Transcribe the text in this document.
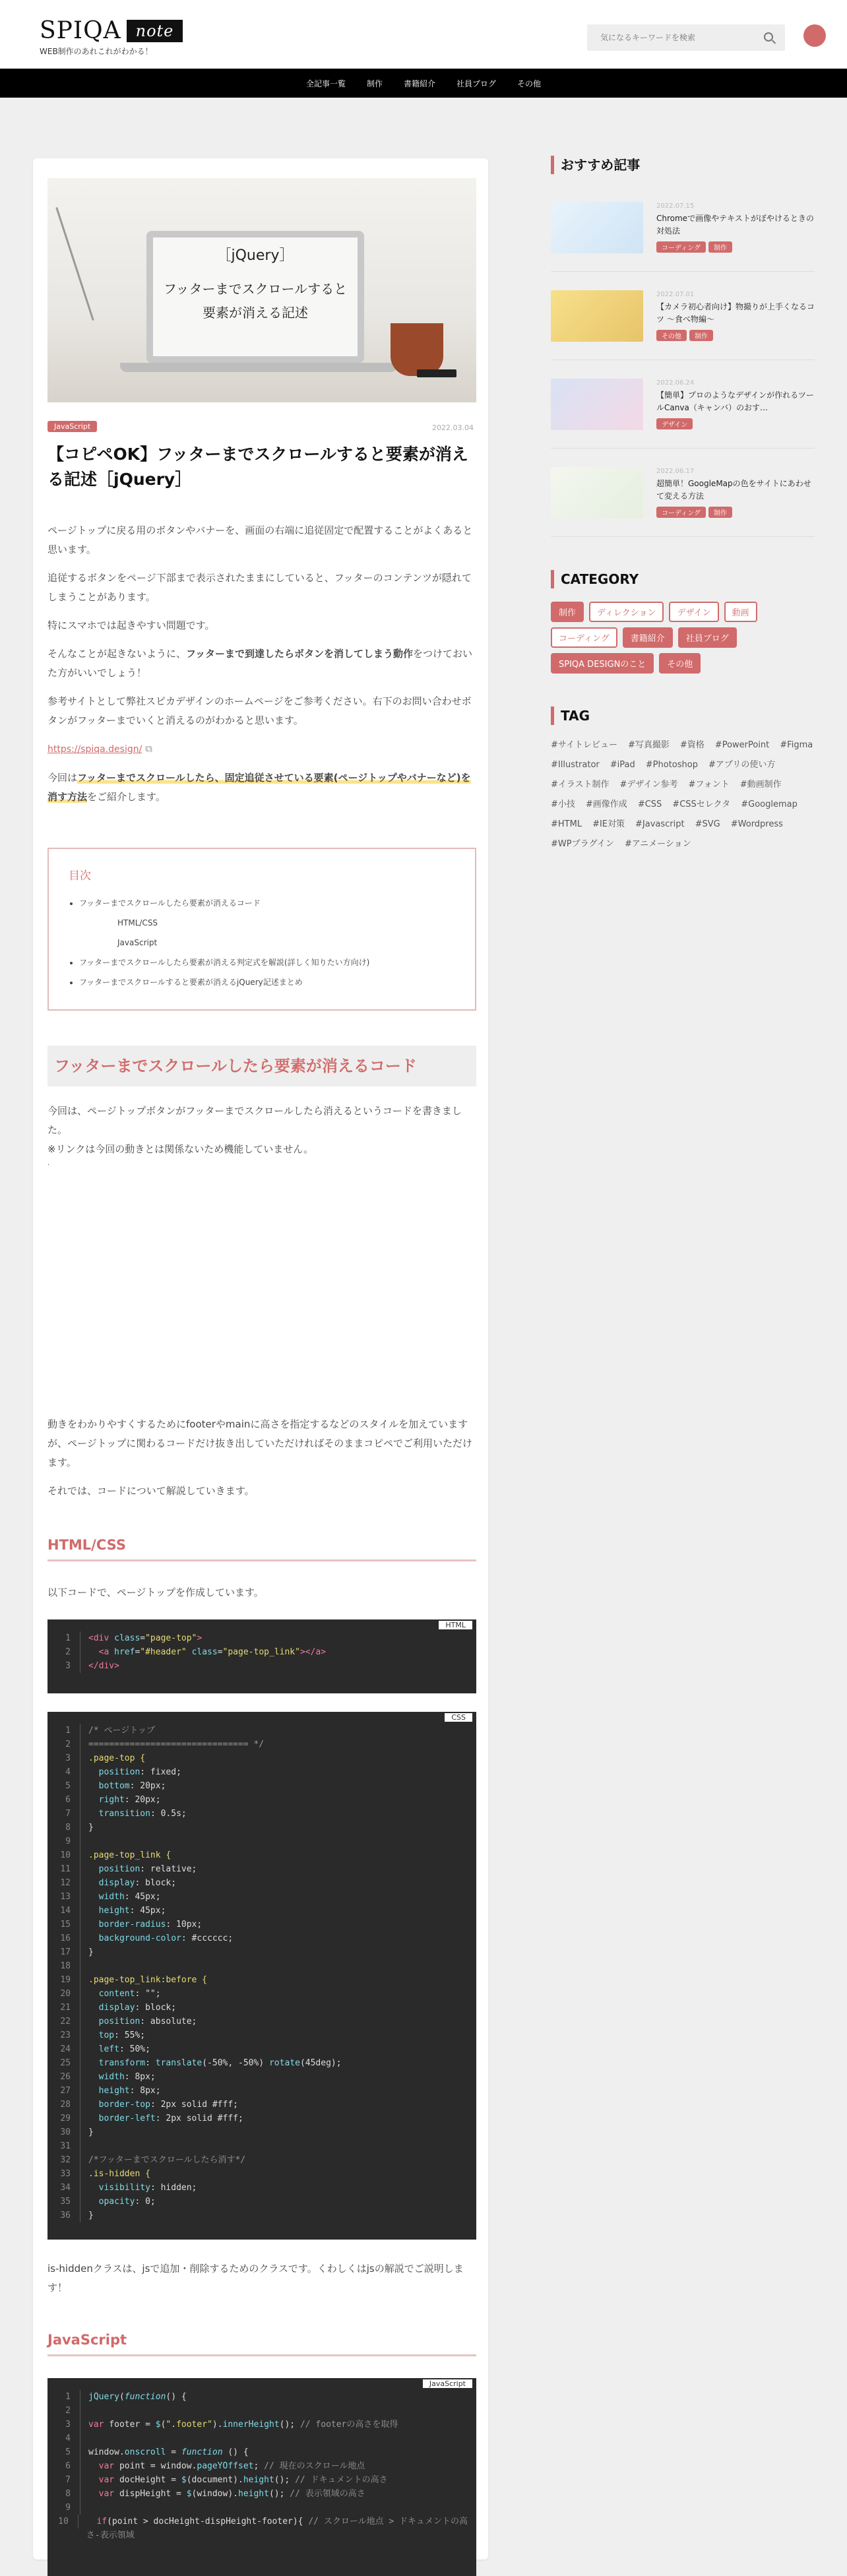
SPIQA note
WEB制作のあれこれがわかる！
気になるキーワードを検索
全記事一覧	制作	書籍紹介	社員ブログ	その他
［jQuery］
フッターまでスクロールすると
要素が消える記述
JavaScript	2022.03.04
【コピペOK】フッターまでスクロールすると要素が消える記述［jQuery］

ページトップに戻る用のボタンやバナーを、画面の右端に追従固定で配置することがよくあると思います。

追従するボタンをページ下部まで表示されたままにしていると、フッターのコンテンツが隠れてしまうことがあります。

特にスマホでは起きやすい問題です。

そんなことが起きないように、フッターまで到達したらボタンを消してしまう動作をつけておいた方がいいでしょう！

参考サイトとして弊社スピカデザインのホームページをご参考ください。右下のお問い合わせボタンがフッターまでいくと消えるのがわかると思います。

https://spiqa.design/ ⧉

今回はフッターまでスクロールしたら、固定追従させている要素(ページトップやバナーなど)を消す方法をご紹介します。

目次
• フッターまでスクロールしたら要素が消えるコード
HTML/CSS
JavaScript
• フッターまでスクロールしたら要素が消える判定式を解説(詳しく知りたい方向け)
• フッターまでスクロールすると要素が消えるjQuery記述まとめ
フッターまでスクロールしたら要素が消えるコード

今回は、ページトップボタンがフッターまでスクロールしたら消えるというコードを書きました。

※リンクは今回の動きとは関係ないため機能していません。

.

動きをわかりやすくするためにfooterやmainに高さを指定するなどのスタイルを加えていますが、ページトップに関わるコードだけ抜き出していただければそのままコピペでご利用いただけます。

それでは、コードについて解説していきます。

HTML/CSS

以下コードで、ページトップを作成しています。

HTML
1	<div class="page-top">
2	<a href="#header" class="page-top_link"></a>
3	</div>
CSS
1	/* ページトップ
2	=============================== */
3	.page-top {
4	position: fixed;
5	bottom: 20px;
6	right: 20px;
7	transition: 0.5s;
8	}
9
10	.page-top_link {
11	position: relative;
12	display: block;
13	width: 45px;
14	height: 45px;
15	border-radius: 10px;
16	background-color: #cccccc;
17	}
18
19	.page-top_link:before {
20	content: "";
21	display: block;
22	position: absolute;
23	top: 55%;
24	left: 50%;
25	transform: translate(-50%, -50%) rotate(45deg);
26	width: 8px;
27	height: 8px;
28	border-top: 2px solid #fff;
29	border-left: 2px solid #fff;
30	}
31
32	/*フッターまでスクロールしたら消す*/
33	.is-hidden {
34	visibility: hidden;
35	opacity: 0;
36	}

is-hiddenクラスは、jsで追加・削除するためのクラスです。くわしくはjsの解説でご説明します！

JavaScript
JavaScript
1	jQuery(function() {
2
3	var footer = $(".footer").innerHeight(); // footerの高さを取得
4
5	window.onscroll = function () {
6	var point = window.pageYOffset; // 現在のスクロール地点
7	var docHeight = $(document).height(); // ドキュメントの高さ
8	var dispHeight = $(window).height(); // 表示領域の高さ
9
10	if(point > docHeight-dispHeight-footer){ // スクロール地点 > ドキュメントの高さ-表示領域
おすすめ記事
2022.07.15
Chromeで画像やテキストがぼやけるときの対処法
コーディング 制作
2022.07.01
【カメラ初心者向け】物撮りが上手くなるコツ 〜食べ物編〜
その他 制作
2022.06.24
【簡単】プロのようなデザインが作れるツールCanva（キャンバ）のおす…
デザイン
2022.06.17
超簡単！GoogleMapの色をサイトにあわせて変える方法
コーディング 制作
CATEGORY
制作	ディレクション	デザイン	動画
コーディング	書籍紹介	社員ブログ
SPIQA DESIGNのこと	その他
TAG
#サイトレビュー #写真撮影 #資格 #PowerPoint #Figma
#Illustrator #iPad #Photoshop #アプリの使い方
#イラスト制作 #デザイン参考 #フォント #動画制作
#小技 #画像作成 #CSS #CSSセレクタ #Googlemap
#HTML #IE対策 #Javascript #SVG #Wordpress
#WPプラグイン #アニメーション
